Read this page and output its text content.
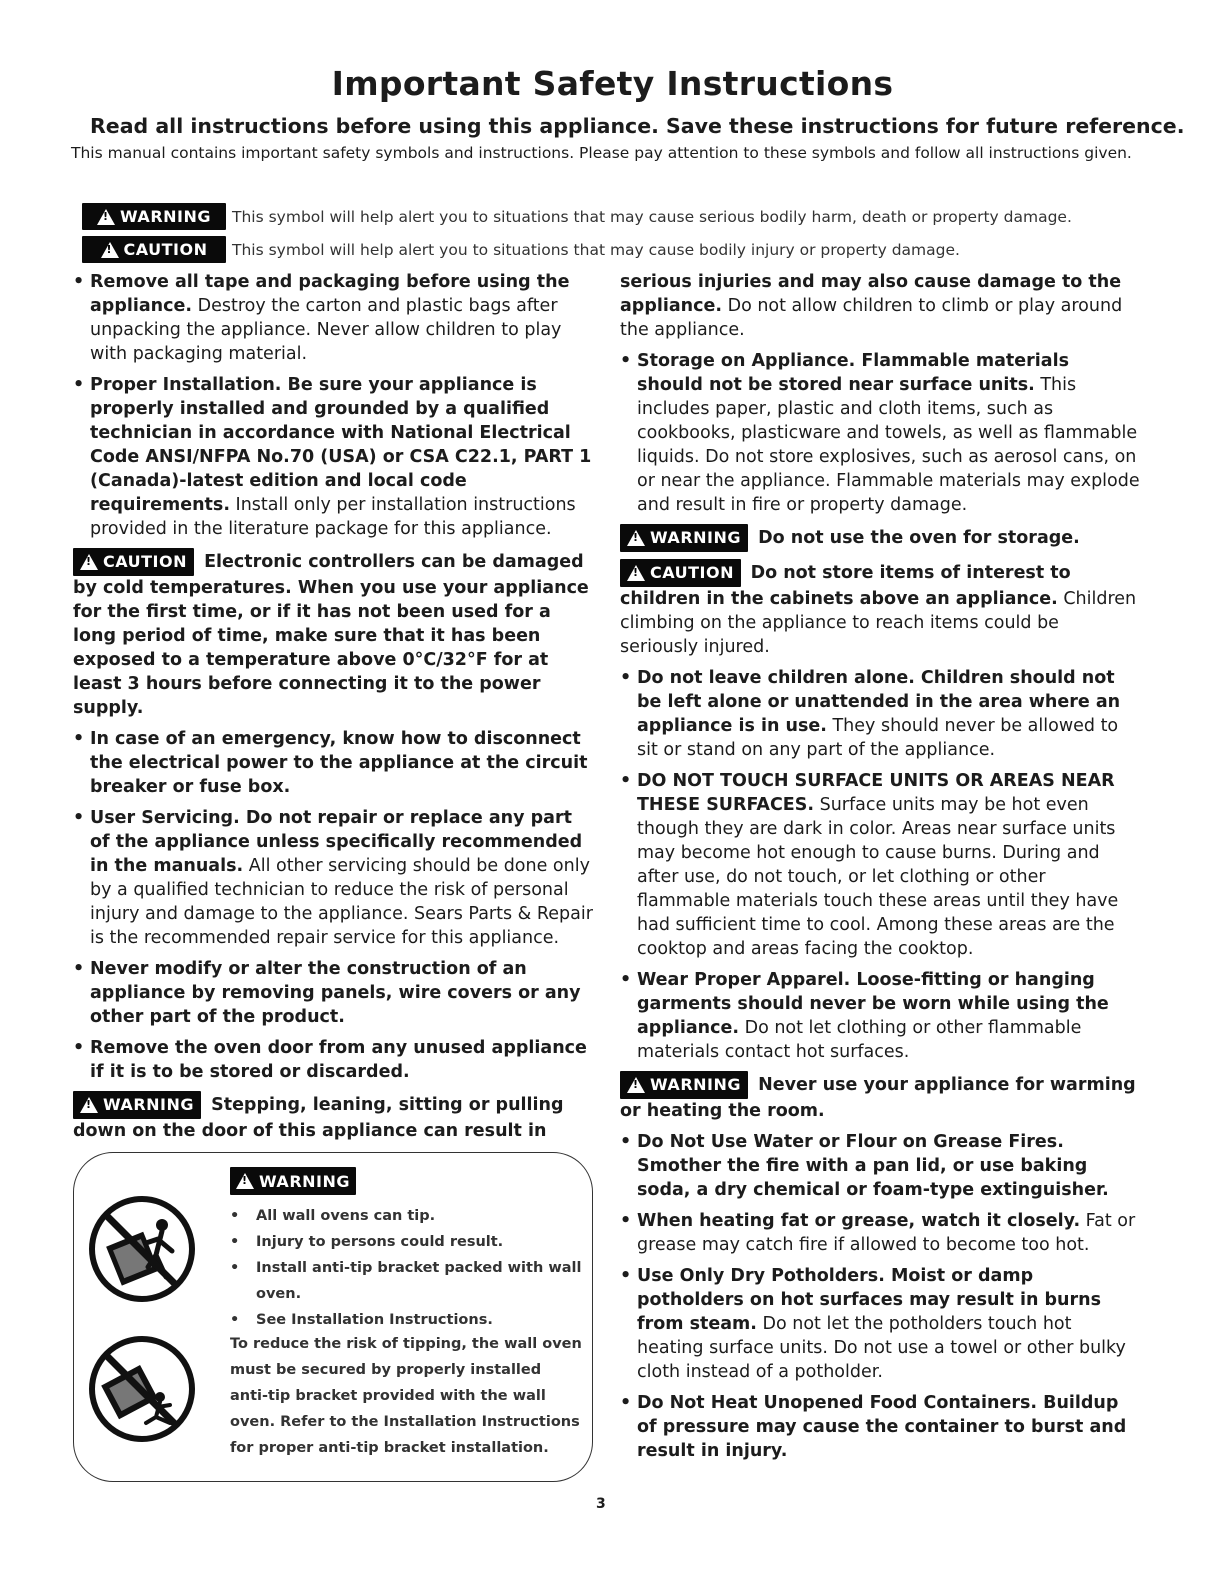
Important Safety Instructions

Read all instructions before using this appliance. Save these instructions for future reference.

This manual contains important safety symbols and instructions. Please pay attention to these symbols and follow all instructions given.

!
WARNING This symbol will help alert you to situations that may cause serious bodily harm, death or property damage.
!
CAUTION This symbol will help alert you to situations that may cause bodily injury or property damage.
• Remove all tape and packaging before using the appliance. Destroy the carton and plastic bags after unpacking the appliance. Never allow children to play with packaging material.
• Proper Installation. Be sure your appliance is properly installed and grounded by a qualified technician in accordance with National Electrical Code ANSI/NFPA No.70 (USA) or CSA C22.1, PART 1 (Canada)-latest edition and local code requirements. Install only per installation instructions provided in the literature package for this appliance.
!
CAUTION Electronic controllers can be damaged by cold temperatures. When you use your appliance for the first time, or if it has not been used for a long period of time, make sure that it has been exposed to a temperature above 0°C/32°F for at least 3 hours before connecting it to the power supply.
• In case of an emergency, know how to disconnect the electrical power to the appliance at the circuit breaker or fuse box.
• User Servicing. Do not repair or replace any part of the appliance unless specifically recommended in the manuals. All other servicing should be done only by a qualified technician to reduce the risk of personal injury and damage to the appliance. Sears Parts & Repair is the recommended repair service for this appliance.
• Never modify or alter the construction of an appliance by removing panels, wire covers or any other part of the product.
• Remove the oven door from any unused appliance if it is to be stored or discarded.
!
WARNING Stepping, leaning, sitting or pulling down on the door of this appliance can result in
!
WARNING
• All wall ovens can tip.
• Injury to persons could result.
• Install anti-tip bracket packed with wall oven.
• See Installation Instructions.

To reduce the risk of tipping, the wall oven must be secured by properly installed anti-tip bracket provided with the wall oven. Refer to the Installation Instructions for proper anti-tip bracket installation.

serious injuries and may also cause damage to the appliance. Do not allow children to climb or play around the appliance.
• Storage on Appliance. Flammable materials should not be stored near surface units. This includes paper, plastic and cloth items, such as cookbooks, plasticware and towels, as well as flammable liquids. Do not store explosives, such as aerosol cans, on or near the appliance. Flammable materials may explode and result in fire or property damage.
!
WARNING Do not use the oven for storage.
!
CAUTION Do not store items of interest to children in the cabinets above an appliance. Children climbing on the appliance to reach items could be seriously injured.
• Do not leave children alone. Children should not be left alone or unattended in the area where an appliance is in use. They should never be allowed to sit or stand on any part of the appliance.
• DO NOT TOUCH SURFACE UNITS OR AREAS NEAR THESE SURFACES. Surface units may be hot even though they are dark in color. Areas near surface units may become hot enough to cause burns. During and after use, do not touch, or let clothing or other flammable materials touch these areas until they have had sufficient time to cool. Among these areas are the cooktop and areas facing the cooktop.
• Wear Proper Apparel. Loose-fitting or hanging garments should never be worn while using the appliance. Do not let clothing or other flammable materials contact hot surfaces.
!
WARNING Never use your appliance for warming or heating the room.
• Do Not Use Water or Flour on Grease Fires. Smother the fire with a pan lid, or use baking soda, a dry chemical or foam-type extinguisher.
• When heating fat or grease, watch it closely. Fat or grease may catch fire if allowed to become too hot.
• Use Only Dry Potholders. Moist or damp potholders on hot surfaces may result in burns from steam. Do not let the potholders touch hot heating surface units. Do not use a towel or other bulky cloth instead of a potholder.
• Do Not Heat Unopened Food Containers. Buildup of pressure may cause the container to burst and result in injury.
3
